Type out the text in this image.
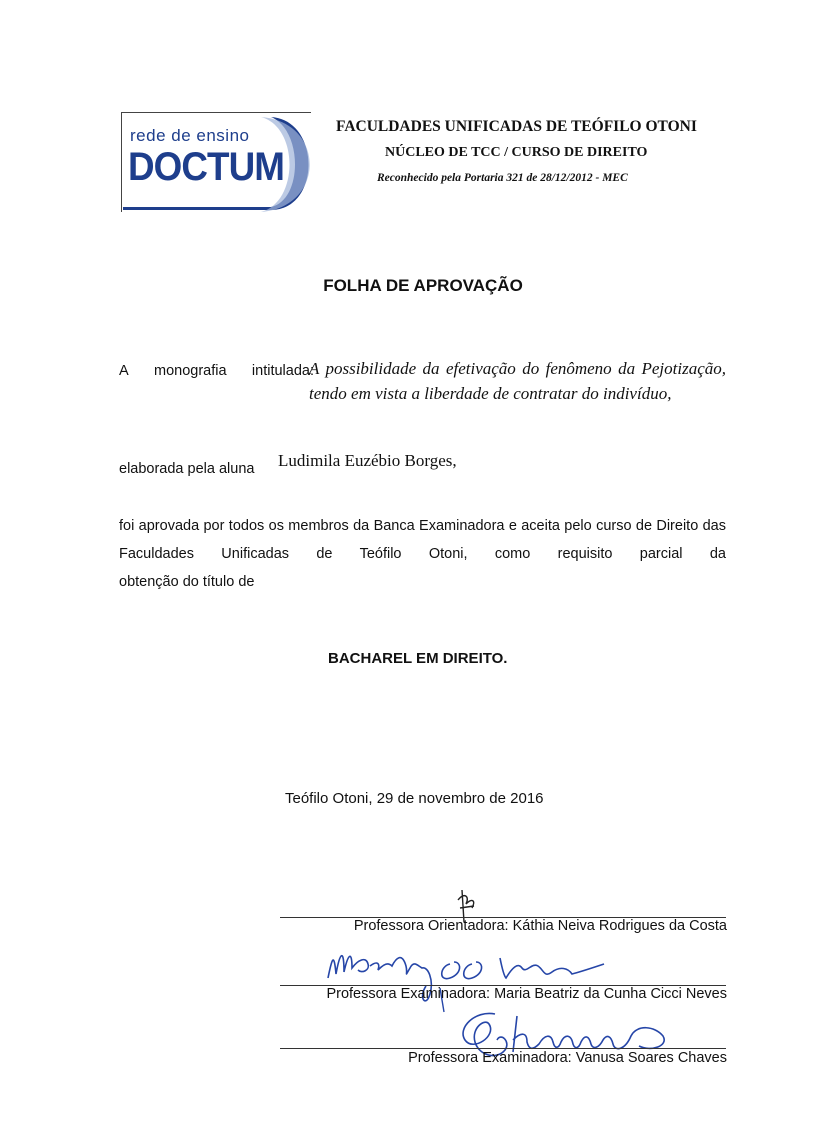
rede de ensino
DOCTUM
FACULDADES UNIFICADAS DE TEÓFILO OTONI
NÚCLEO DE TCC / CURSO DE DIREITO
Reconhecido pela Portaria 321 de 28/12/2012 - MEC
FOLHA DE APROVAÇÃO
A monografia intitulada:
A possibilidade da efetivação do fenômeno da Pejotização, tendo em vista a liberdade de contratar do indivíduo,
elaborada pela aluna Ludimila Euzébio Borges,
foi aprovada por todos os membros da Banca Examinadora e aceita pelo curso de Direito das Faculdades Unificadas de Teófilo Otoni, como requisito parcial da
obtenção do título de
BACHAREL EM DIREITO.
Teófilo Otoni, 29 de novembro de 2016
Professora Orientadora: Káthia Neiva Rodrigues da Costa
Professora Examinadora: Maria Beatriz da Cunha Cicci Neves
Professora Examinadora: Vanusa Soares Chaves
